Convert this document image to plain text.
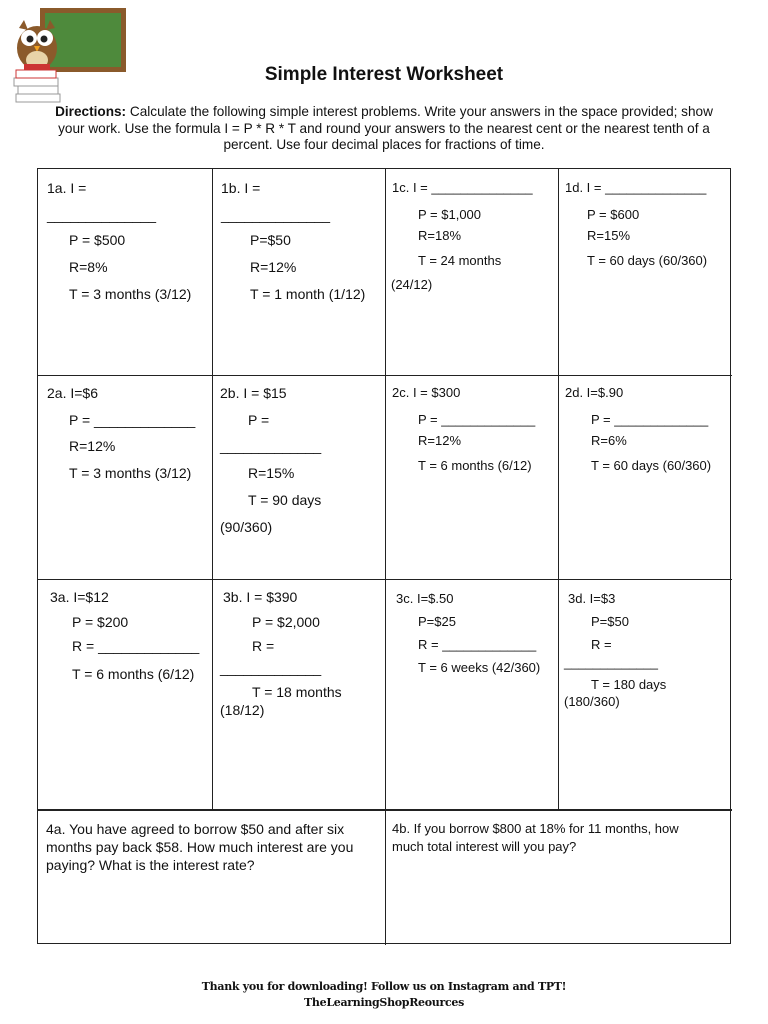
Simple Interest Worksheet
Directions: Calculate the following simple interest problems. Write your answers in the space provided; show your work. Use the formula I = P * R * T and round your answers to the nearest cent or the nearest tenth of a percent. Use four decimal places for fractions of time.
1a. I =
______________
P = $500
R=8%
T = 3 months (3/12)
1b. I =
______________
P=$50
R=12%
T = 1 month (1/12)
1c. I = ______________
P = $1,000
R=18%
T = 24 months
(24/12)
1d. I = ______________
P = $600
R=15%
T = 60 days (60/360)
2a. I=$6
P = _____________
R=12%
T = 3 months (3/12)
2b. I = $15
P =
_____________
R=15%
T = 90 days
(90/360)
2c. I = $300
P = _____________
R=12%
T = 6 months (6/12)
2d. I=$.90
P = _____________
R=6%
T = 60 days (60/360)
3a. I=$12
P = $200
R = _____________
T = 6 months (6/12)
3b. I = $390
P = $2,000
R =
_____________
T = 18 months
(18/12)
3c. I=$.50
P=$25
R = _____________
T = 6 weeks (42/360)
3d. I=$3
P=$50
R =
_____________
T = 180 days
(180/360)
4a. You have agreed to borrow $50 and after six months pay back $58. How much interest are you paying? What is the interest rate?
4b. If you borrow $800 at 18% for 11 months, how much total interest will you pay?
Thank you for downloading! Follow us on Instagram and TPT!
TheLearningShopReources
